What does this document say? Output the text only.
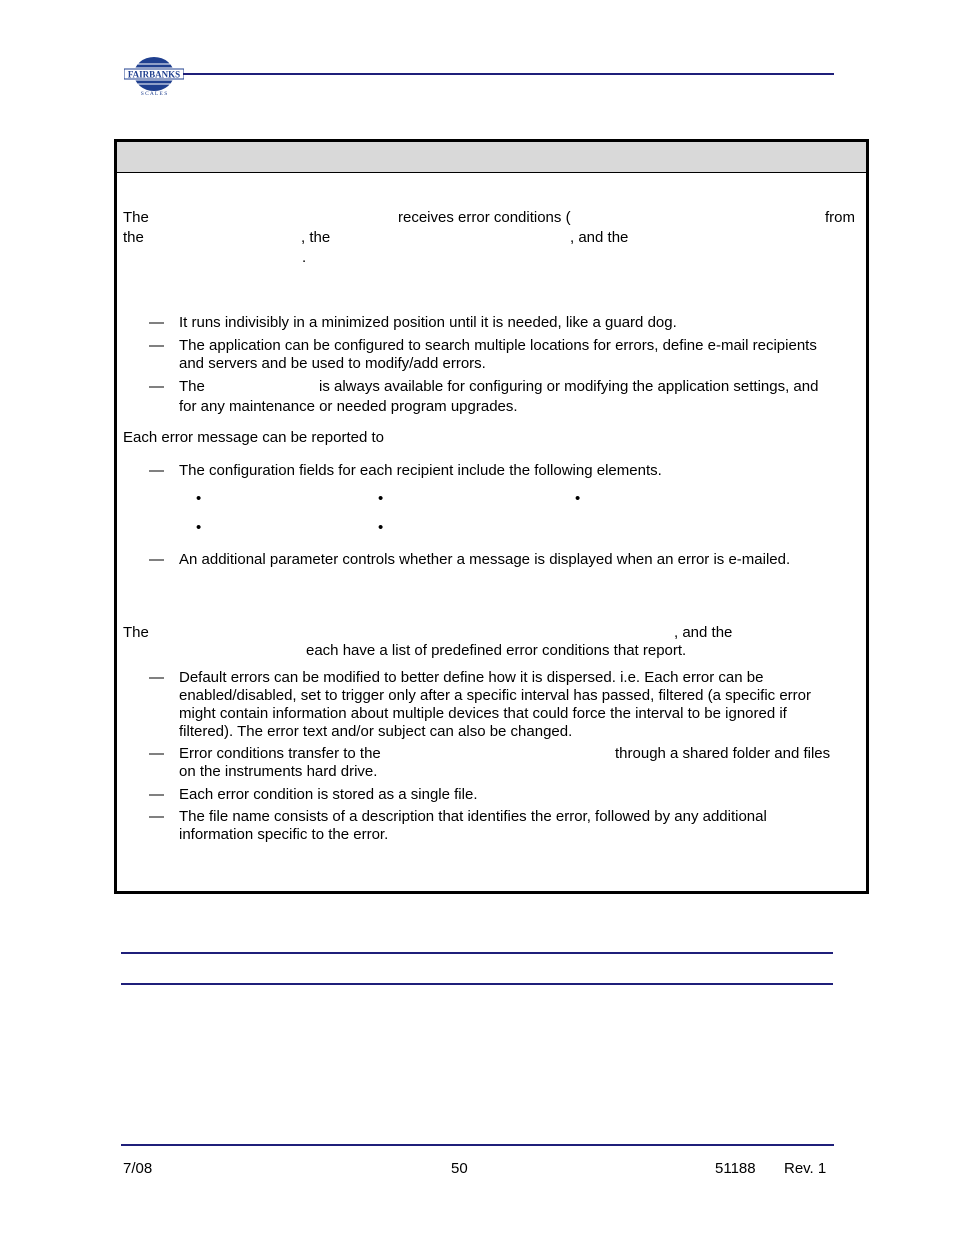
FAIRBANKS
S C A L E S
The	receives error conditions (	from
the	, the	, and the
.
— It runs indivisibly in a minimized position until it is needed, like a guard dog.
— The application can be configured to search multiple locations for errors, define e-mail recipients
and servers and be used to modify/add errors.
— The	is always available for configuring or modifying the application settings, and
for any maintenance or needed program upgrades.
Each error message can be reported to
— The configuration fields for each recipient include the following elements.
•	•	•
•	•
— An additional parameter controls whether a message is displayed when an error is e-mailed.
The	, and the
each have a list of predefined error conditions that report.
— Default errors can be modified to better define how it is dispersed. i.e. Each error can be
enabled/disabled, set to trigger only after a specific interval has passed, filtered (a specific error
might contain information about multiple devices that could force the interval to be ignored if
filtered). The error text and/or subject can also be changed.
— Error conditions transfer to the	through a shared folder and files
on the instruments hard drive.
— Each error condition is stored as a single file.
— The file name consists of a description that identifies the error, followed by any additional
information specific to the error.
7/08	50	51188 Rev. 1
